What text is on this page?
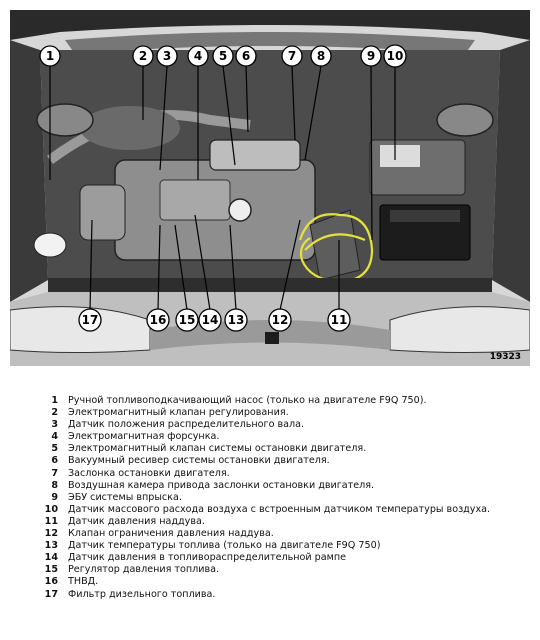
1	2 3 4 5 6	7 8	9 10
11
12
13
14
15
16
17
19323
1 Ручной топливоподкачивающий насос (только на двигателе F9Q 750).
2 Электромагнитный клапан регулирования.
3 Датчик положения распределительного вала.
4 Электромагнитная форсунка.
5 Электромагнитный клапан системы остановки двигателя.
6 Вакуумный ресивер системы остановки двигателя.
7 Заслонка остановки двигателя.
8 Воздушная камера привода заслонки остановки двигателя.
9 ЭБУ системы впрыска.
10 Датчик массового расхода воздуха с встроенным датчиком температуры воздуха.
11 Датчик давления наддува.
12 Клапан ограничения давления наддува.
13 Датчик температуры топлива (только на двигателе F9Q 750)
14 Датчик давления в топливораспределительной рампе
15 Регулятор давления топлива.
16 ТНВД.
17 Фильтр дизельного топлива.
